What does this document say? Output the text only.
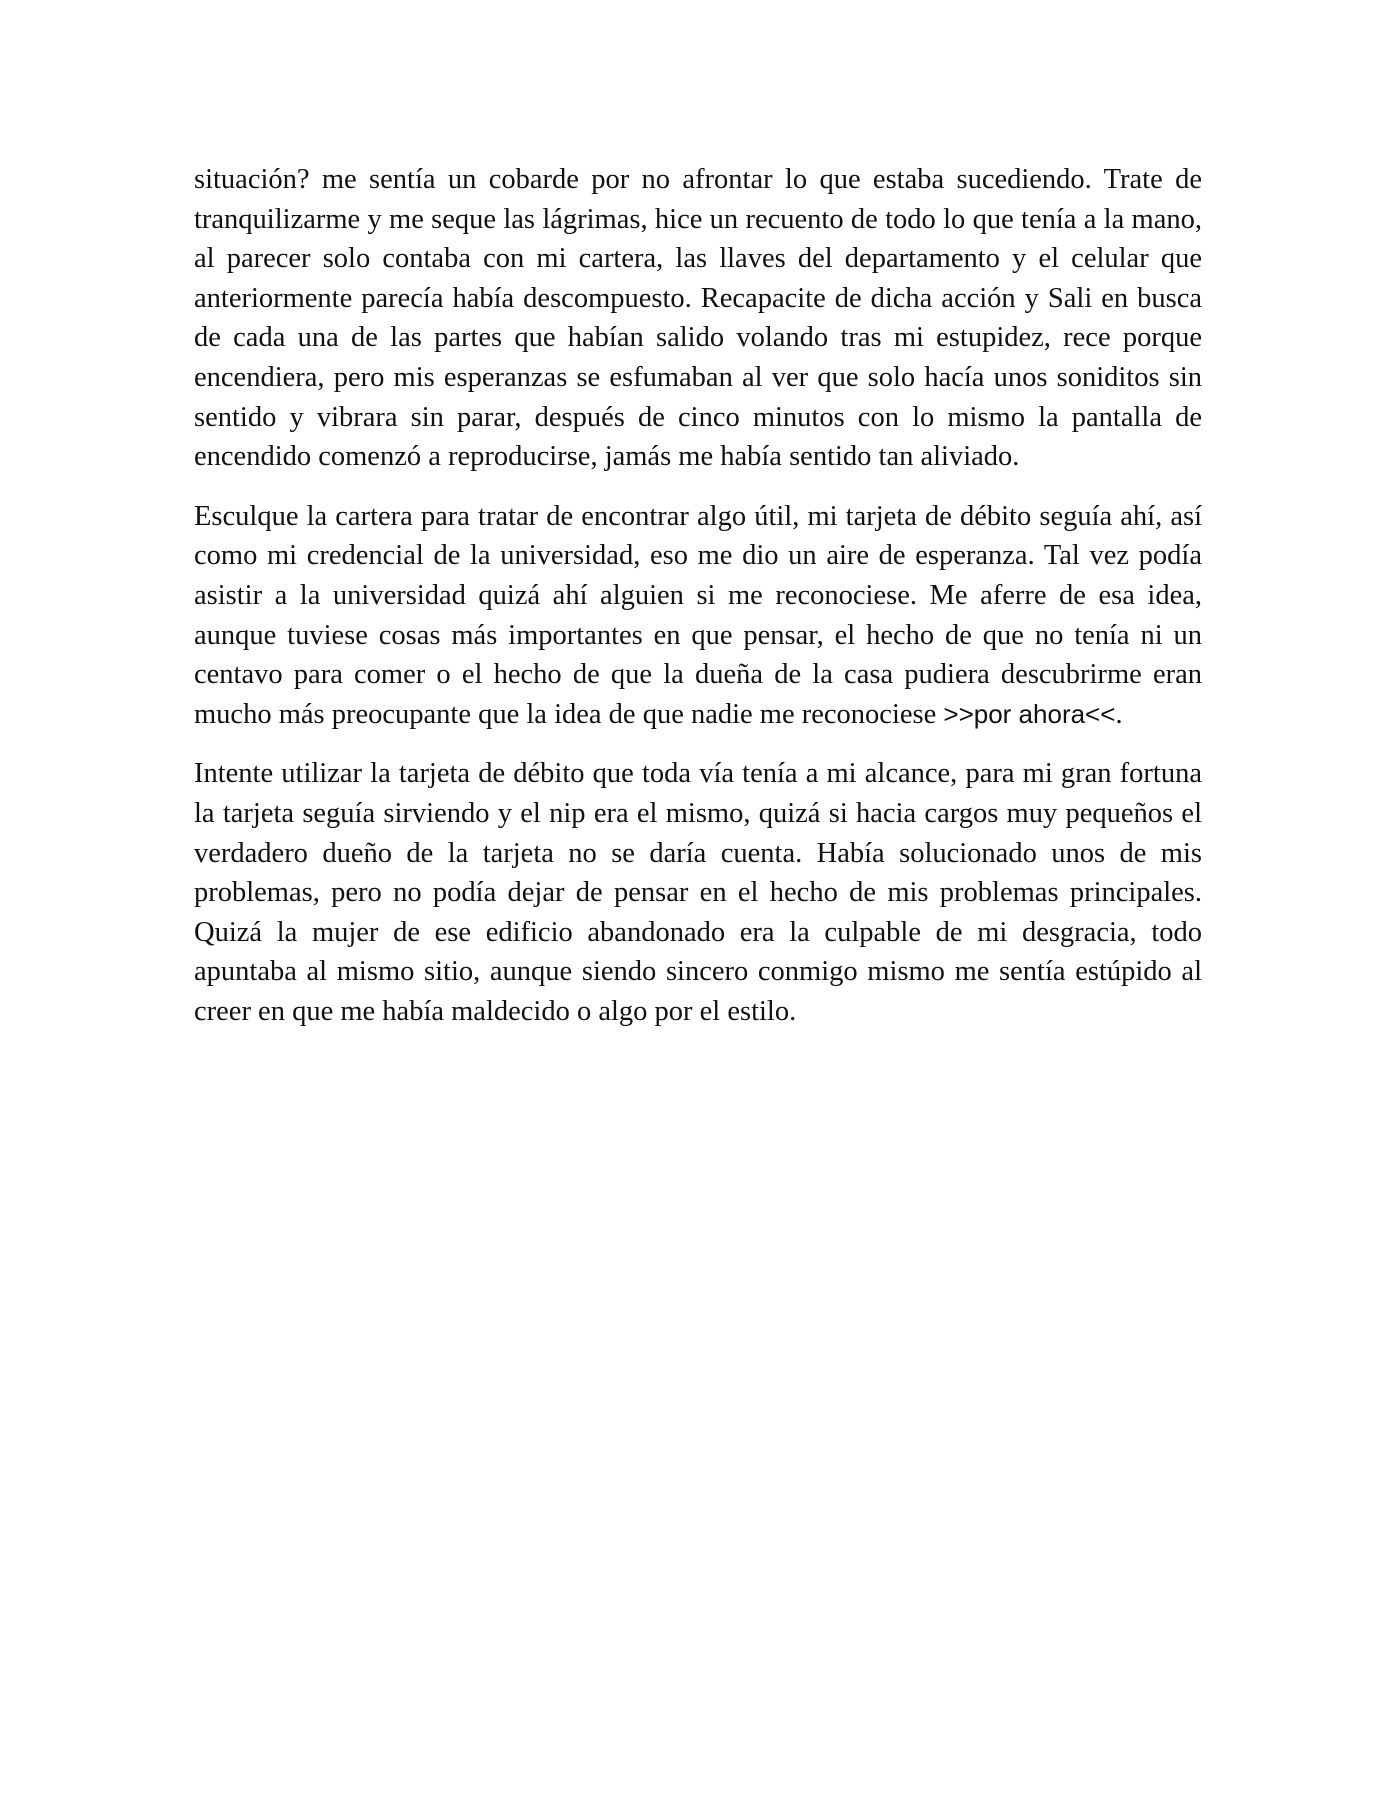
situación? me sentía un cobarde por no afrontar lo que estaba sucediendo. Trate de tranquilizarme y me seque las lágrimas, hice un recuento de todo lo que tenía a la mano, al parecer solo contaba con mi cartera, las llaves del departamento y el celular que anteriormente parecía había descompuesto. Recapacite de dicha acción y Sali en busca de cada una de las partes que habían salido volando tras mi estupidez, rece porque encendiera, pero mis esperanzas se esfumaban al ver que solo hacía unos soniditos sin sentido y vibrara sin parar, después de cinco minutos con lo mismo la pantalla de encendido comenzó a reproducirse, jamás me había sentido tan aliviado.

Esculque la cartera para tratar de encontrar algo útil, mi tarjeta de débito seguía ahí, así como mi credencial de la universidad, eso me dio un aire de esperanza. Tal vez podía asistir a la universidad quizá ahí alguien si me reconociese. Me aferre de esa idea, aunque tuviese cosas más importantes en que pensar, el hecho de que no tenía ni un centavo para comer o el hecho de que la dueña de la casa pudiera descubrirme eran mucho más preocupante que la idea de que nadie me reconociese >>por ahora<<.

Intente utilizar la tarjeta de débito que toda vía tenía a mi alcance, para mi gran fortuna la tarjeta seguía sirviendo y el nip era el mismo, quizá si hacia cargos muy pequeños el verdadero dueño de la tarjeta no se daría cuenta. Había solucionado unos de mis problemas, pero no podía dejar de pensar en el hecho de mis problemas principales. Quizá la mujer de ese edificio abandonado era la culpable de mi desgracia, todo apuntaba al mismo sitio, aunque siendo sincero conmigo mismo me sentía estúpido al creer en que me había maldecido o algo por el estilo.
